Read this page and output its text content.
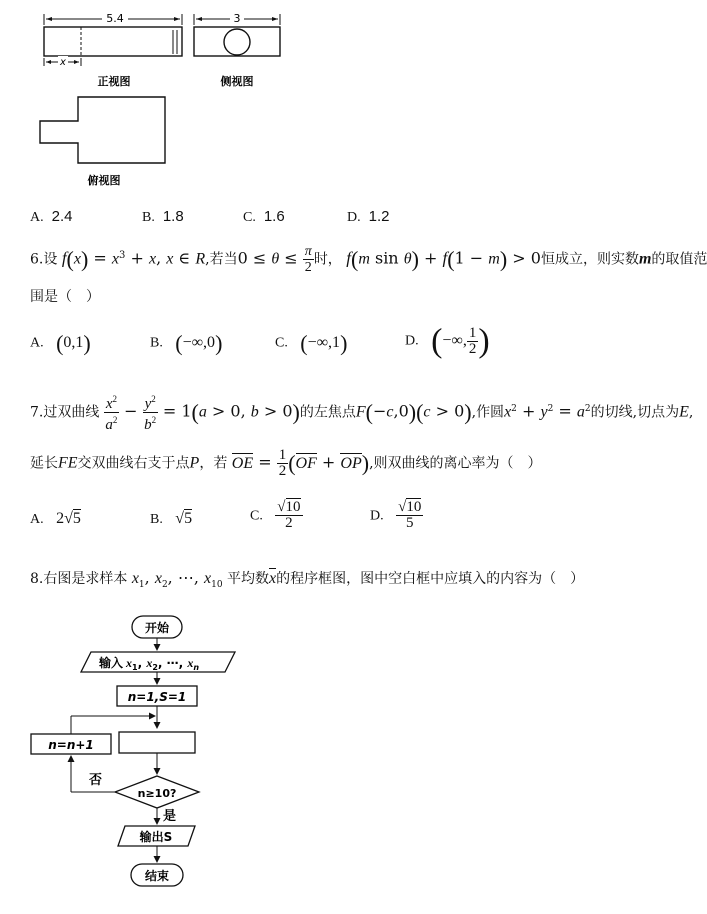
5.4
x
正视图
3
侧视图
俯视图
A. 2.4	B. 1.8	C. 1.6	D. 1.2
6.设 $f(x) = x^3 + x$, x ∈ R,若当$0 \le \theta \le \frac{\pi}{2}$ 时， f(m sin θ) + f(1 − m) > 0恒成立，则实数m的取值范
围是（　）
A. (0,1)	B. (−∞,0)	C. (−∞,1)	D. (−∞, $\frac{1}{2}$ )
7.过双曲线 $\frac{x^2}{a^2} - \frac{y^2}{b^2} = 1(a > 0$, b > 0)的左焦点F(−c,0)(c > 0),作圆$x^2 + y^2 = a^2$的切线,切点为E,
延长FE交双曲线右支于点P，若 OE = $\frac{1}{2} (OF + OP)$,则双曲线的离心率为（　）
A. 2√5	B. √5	C. $\frac{√10}{2}$	D. $\frac{√10}{5}$
8.右图是求样本 $x_1$, $x_2$, ⋯, $x_{10}$ 平均数x的程序框图，图中空白框中应填入的内容为（　）
开始
输入 $x_1$, $x_2$, ⋯, $x_n$
n=1,S=1
n=n+1
n≥10?
否
是
输出S
结束
